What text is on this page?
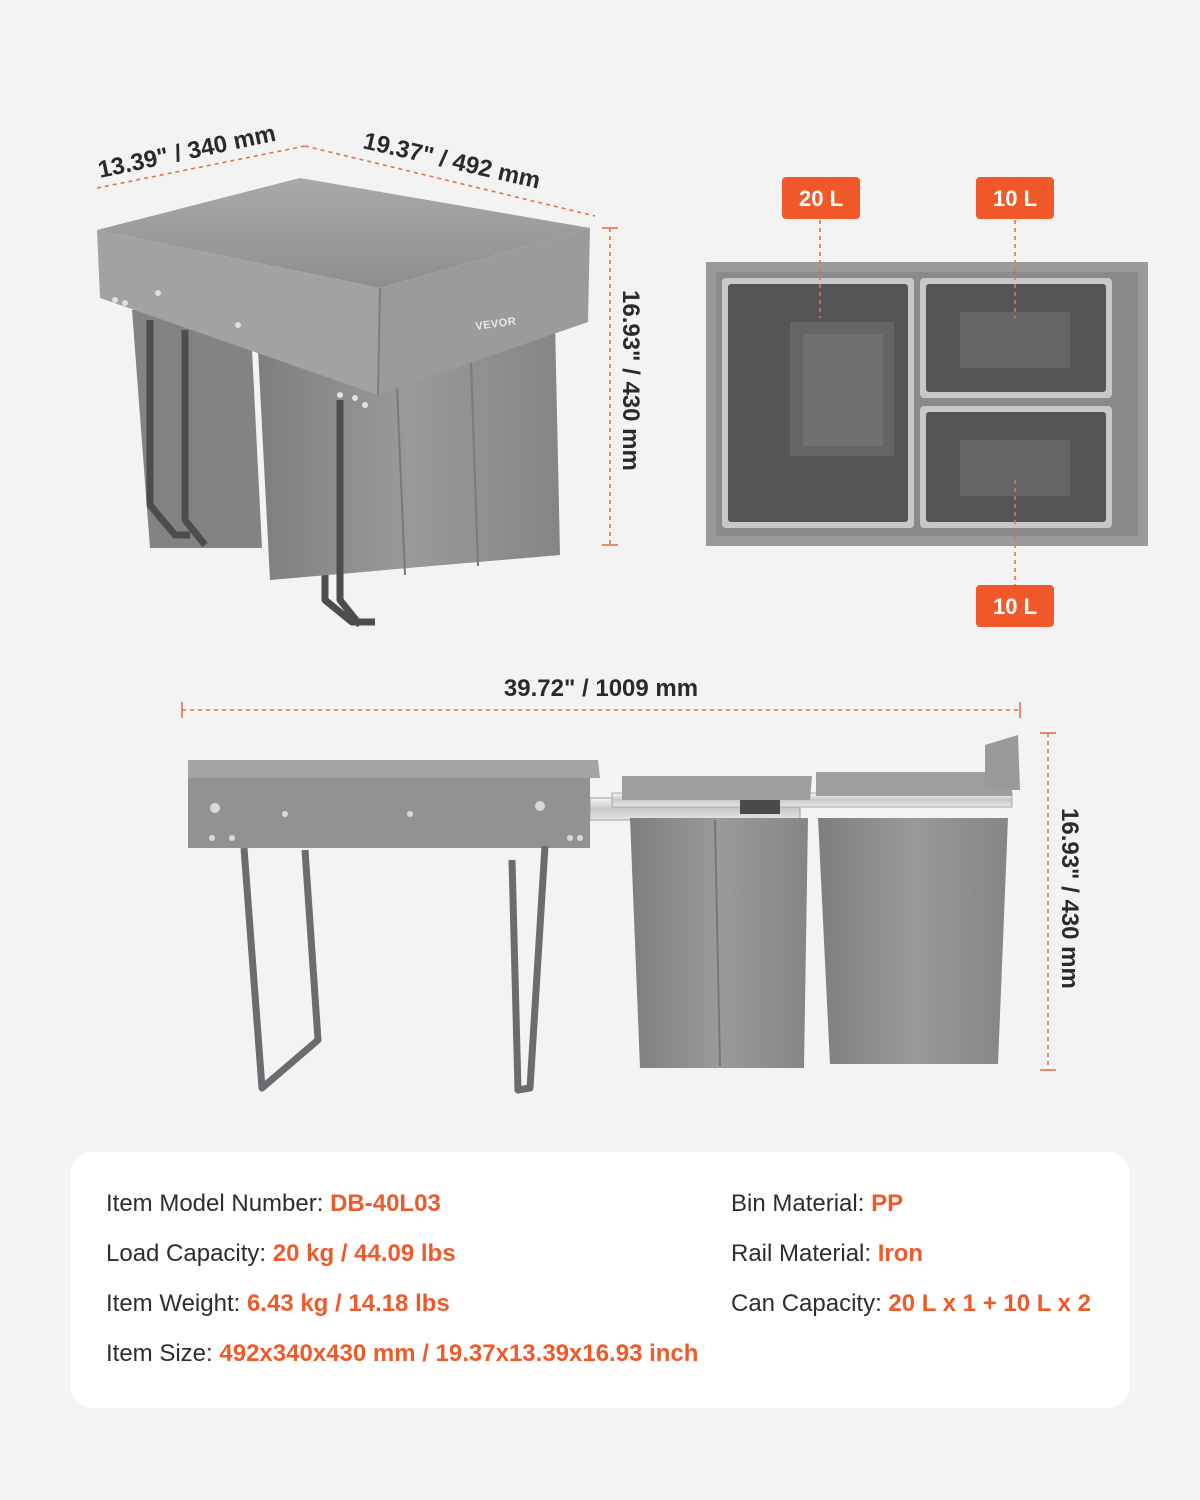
VEVOR
13.39" / 340 mm	19.37" / 492 mm
16.93" / 430 mm
20 L	10 L
10 L
39.72" / 1009 mm
16.93" / 430 mm
Item Model Number: DB-40L03
Load Capacity: 20 kg / 44.09 lbs
Item Weight: 6.43 kg / 14.18 lbs
Item Size: 492x340x430 mm / 19.37x13.39x16.93 inch
Bin Material: PP
Rail Material: Iron
Can Capacity: 20 L x 1 + 10 L x 2
